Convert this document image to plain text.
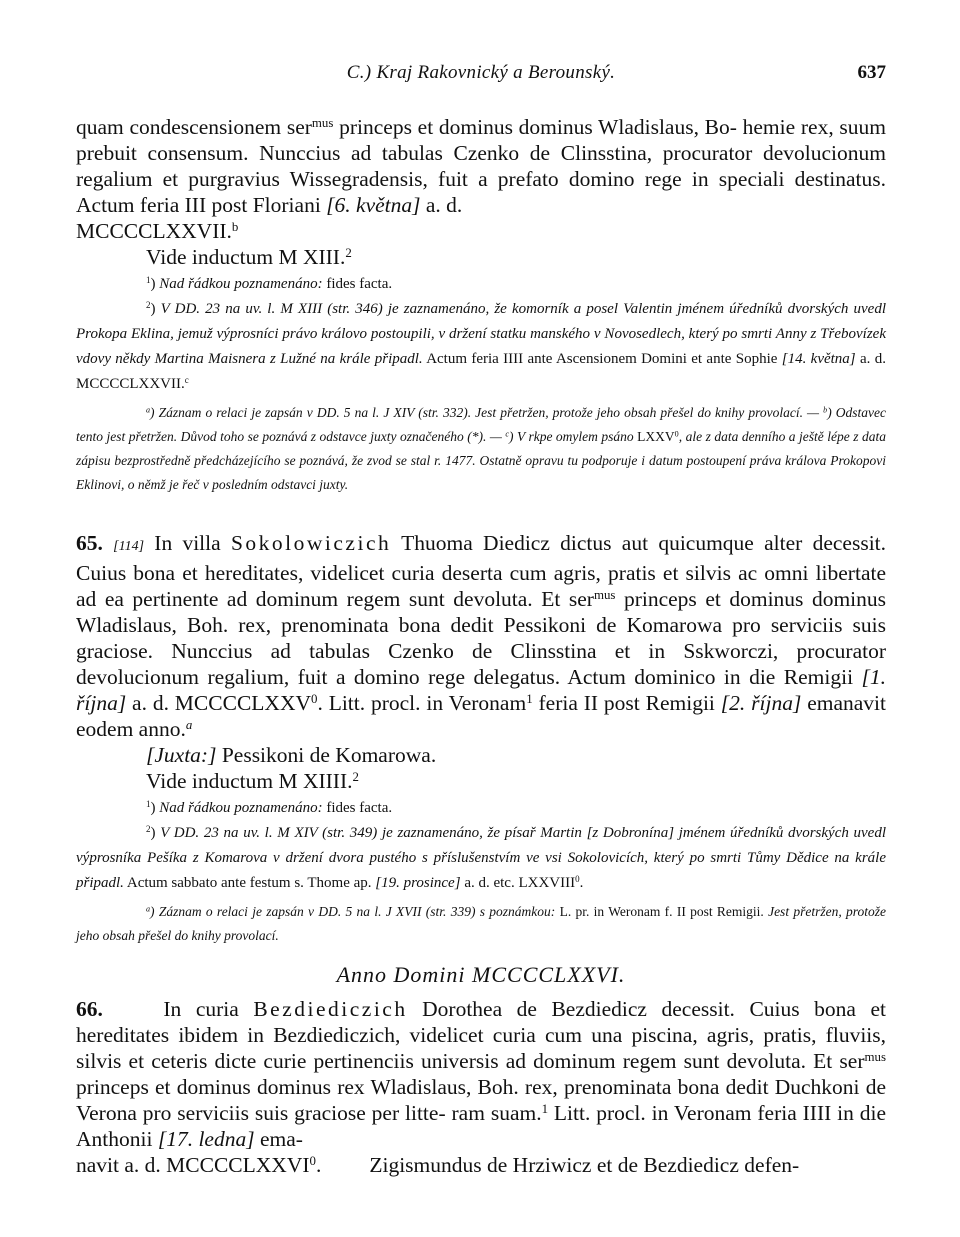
C.) Kraj Rakovnický a Berounský.	637

quam condescensionem ser$^{mus}$ princeps et dominus dominus Wladislaus, Bo- hemie rex, suum prebuit consensum. Nunccius ad tabulas Czenko de Clinsstina, procurator devolucionum regalium et purgravius Wissegradensis, fuit a prefato domino rege in speciali destinatus. Actum feria III post Floriani [6. května] a. d.
MCCCCLXXVII.$^b$

Vide inductum M XIII.$^2$

$^1$) Nad řádkou poznamenáno: fides facta.

$^2$) V DD. 23 na uv. l. M XIII (str. 346) je zaznamenáno, že komorník a posel Valentin jménem úředníků dvorských uvedl Prokopa Eklina, jemuž výprosníci právo královo postoupili, v držení statku manského v Novosedlech, který po smrti Anny z Třebovízek vdovy někdy Martina Maisnera z Lužné na krále připadl. Actum feria IIII ante Ascensionem Domini et ante Sophie [14. května] a. d. MCCCCLXXVII.$^c$

$^a$) Záznam o relaci je zapsán v DD. 5 na l. J XIV (str. 332). Jest přetržen, protože jeho obsah přešel do knihy provolací. — $^b$) Odstavec tento jest přetržen. Důvod toho se poznává z odstavce juxty označeného (*). — $^c$) V rkpe omylem psáno LXXV$^0$, ale z data denního a ještě lépe z data zápisu bezprostředně předcházejícího se poznává, že zvod se stal r. 1477. Ostatně opravu tu podporuje i datum postoupení práva králova Prokopovi Eklinovi, o němž je řeč v posledním odstavci juxty.

65. [114] In villa Sokolowiczich Thuoma Diedicz dictus aut quicumque alter decessit. Cuius bona et hereditates, videlicet curia deserta cum agris, pratis et silvis ac omni libertate ad ea pertinente ad dominum regem sunt devoluta. Et ser$^{mus}$ princeps et dominus dominus Wladislaus, Boh. rex, prenominata bona dedit Pessikoni de Komarowa pro serviciis suis graciose. Nunccius ad tabulas Czenko de Clinsstina et in Sskworczi, procurator devolucionum regalium, fuit a domino rege delegatus. Actum dominico in die Remigii [1. října] a. d. MCCCCLXXV$^0$. Litt. procl. in Veronam$^1$ feria II post Remigii [2. října] emanavit eodem anno.$^a$

[Juxta:] Pessikoni de Komarowa.

Vide inductum M XIIII.$^2$

$^1$) Nad řádkou poznamenáno: fides facta.

$^2$) V DD. 23 na uv. l. M XIV (str. 349) je zaznamenáno, že písař Martin [z Dobronína] jménem úředníků dvorských uvedl výprosníka Pešíka z Komarova v držení dvora pustého s příslušenstvím ve vsi Sokolovicích, který po smrti Tůmy Dědice na krále připadl. Actum sabbato ante festum s. Thome ap. [19. prosince] a. d. etc. LXXVIII$^0$.

$^a$) Záznam o relaci je zapsán v DD. 5 na l. J XVII (str. 339) s poznámkou: L. pr. in Weronam f. II post Remigii. Jest přetržen, protože jeho obsah přešel do knihy provolací.

Anno Domini MCCCCLXXVI.

66. In curia Bezdiediczich Dorothea de Bezdiedicz decessit. Cuius bona et hereditates ibidem in Bezdiediczich, videlicet curia cum una piscina, agris, pratis, fluviis, silvis et ceteris dicte curie pertinenciis universis ad dominum regem sunt devoluta. Et ser$^{mus}$ princeps et dominus dominus rex Wladislaus, Boh. rex, prenominata bona dedit Duchkoni de Verona pro serviciis suis graciose per litte- ram suam.$^1$ Litt. procl. in Veronam feria IIII in die Anthonii [17. ledna] ema-
navit a. d. MCCCCLXXVI$^0$. Zigismundus de Hrziwicz et de Bezdiedicz defen-
